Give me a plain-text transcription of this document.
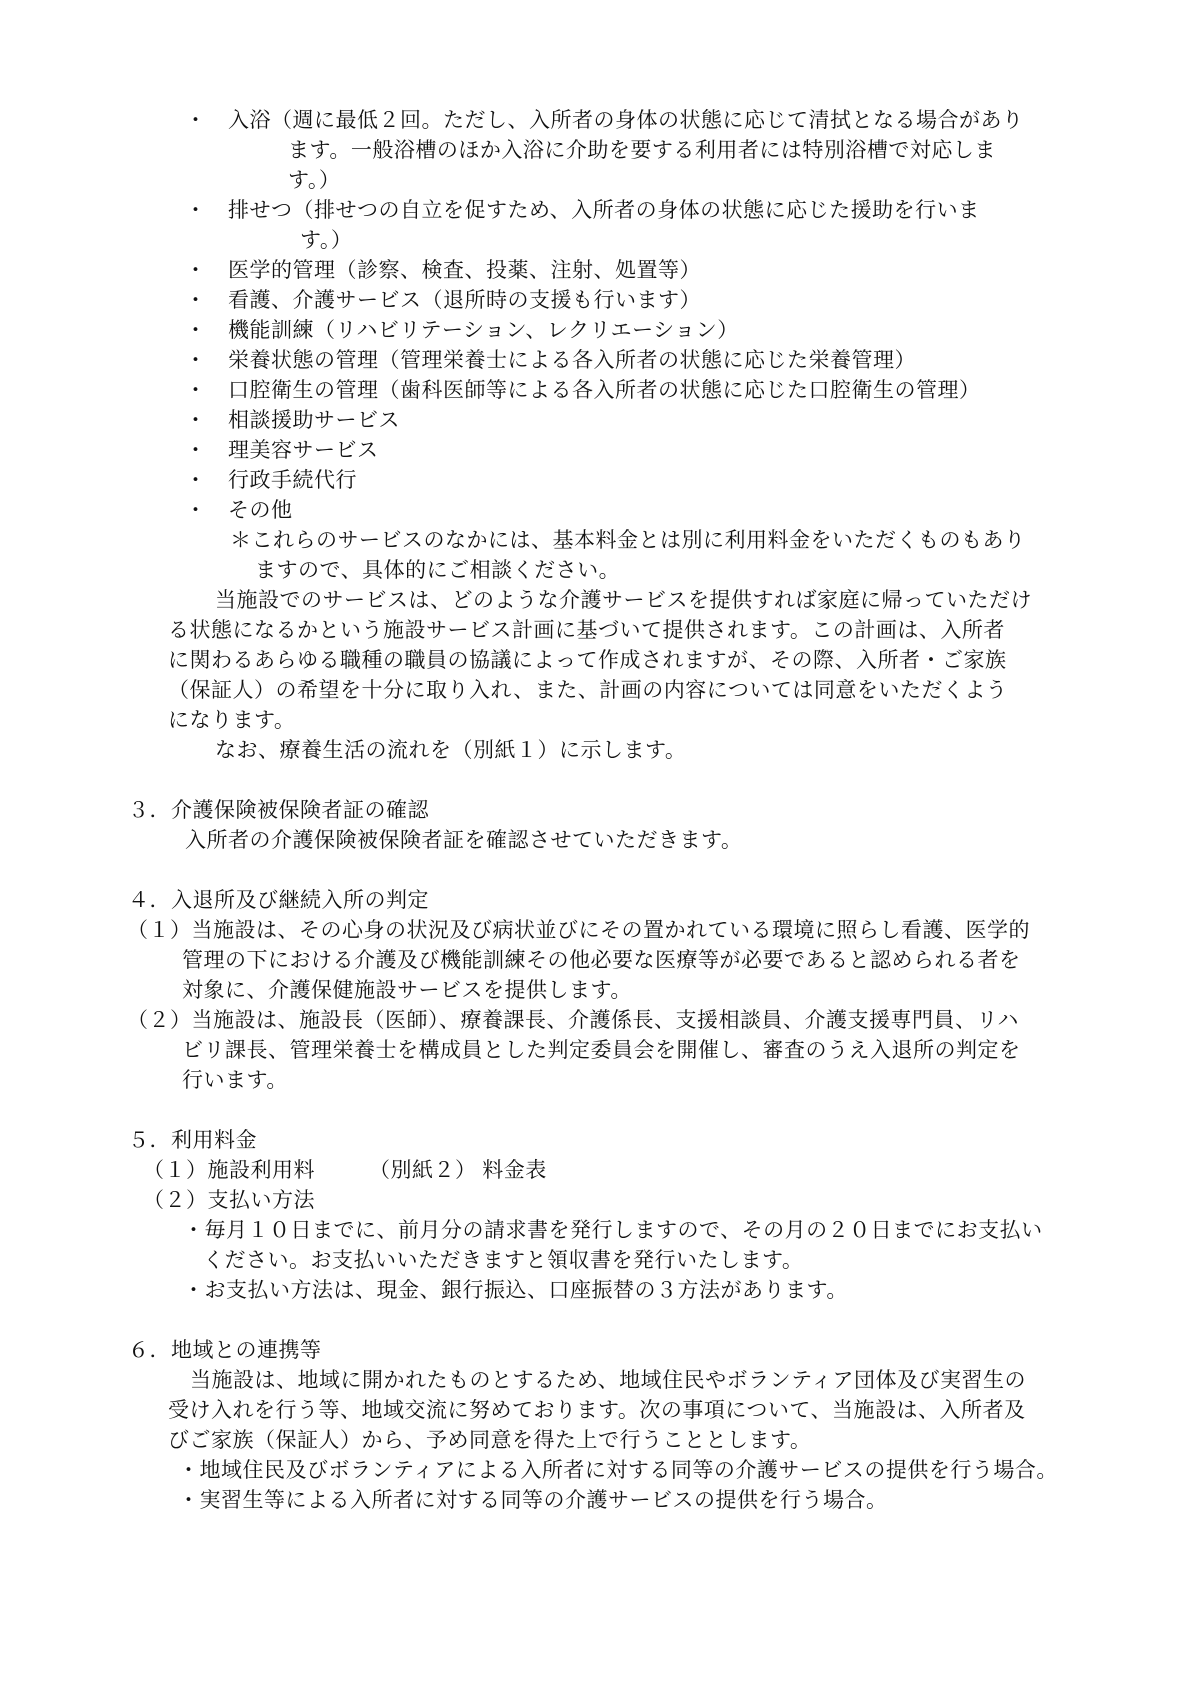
・　入浴（週に最低２回。ただし、入所者の身体の状態に応じて清拭となる場合があり
ます。一般浴槽のほか入浴に介助を要する利用者には特別浴槽で対応しま
す。）
・　排せつ（排せつの自立を促すため、入所者の身体の状態に応じた援助を行いま
す。）
・　医学的管理（診察、検査、投薬、注射、処置等）
・　看護、介護サービス（退所時の支援も行います）
・　機能訓練（リハビリテーション、レクリエーション）
・　栄養状態の管理（管理栄養士による各入所者の状態に応じた栄養管理）
・　口腔衛生の管理（歯科医師等による各入所者の状態に応じた口腔衛生の管理）
・　相談援助サービス
・　理美容サービス
・　行政手続代行
・　その他
＊これらのサービスのなかには、基本料金とは別に利用料金をいただくものもあり
ますので、具体的にご相談ください。
当施設でのサービスは、どのような介護サービスを提供すれば家庭に帰っていただけ
る状態になるかという施設サービス計画に基づいて提供されます。この計画は、入所者
に関わるあらゆる職種の職員の協議によって作成されますが、その際、入所者・ご家族
（保証人）の希望を十分に取り入れ、また、計画の内容については同意をいただくよう
になります。
なお、療養生活の流れを（別紙１）に示します。
３．介護保険被保険者証の確認
入所者の介護保険被保険者証を確認させていただきます。
４．入退所及び継続入所の判定
（１）当施設は、その心身の状況及び病状並びにその置かれている環境に照らし看護、医学的
管理の下における介護及び機能訓練その他必要な医療等が必要であると認められる者を
対象に、介護保健施設サービスを提供します。
（２）当施設は、施設長（医師）、療養課長、介護係長、支援相談員、介護支援専門員、リハ
ビリ課長、管理栄養士を構成員とした判定委員会を開催し、審査のうえ入退所の判定を
行います。
５．利用料金
（１）施設利用料　　　（別紙２） 料金表
（２）支払い方法
・毎月１０日までに、前月分の請求書を発行しますので、その月の２０日までにお支払い
ください。お支払いいただきますと領収書を発行いたします。
・お支払い方法は、現金、銀行振込、口座振替の３方法があります。
６．地域との連携等
当施設は、地域に開かれたものとするため、地域住民やボランティア団体及び実習生の
受け入れを行う等、地域交流に努めております。次の事項について、当施設は、入所者及
びご家族（保証人）から、予め同意を得た上で行うこととします。
・地域住民及びボランティアによる入所者に対する同等の介護サービスの提供を行う場合。
・実習生等による入所者に対する同等の介護サービスの提供を行う場合。
